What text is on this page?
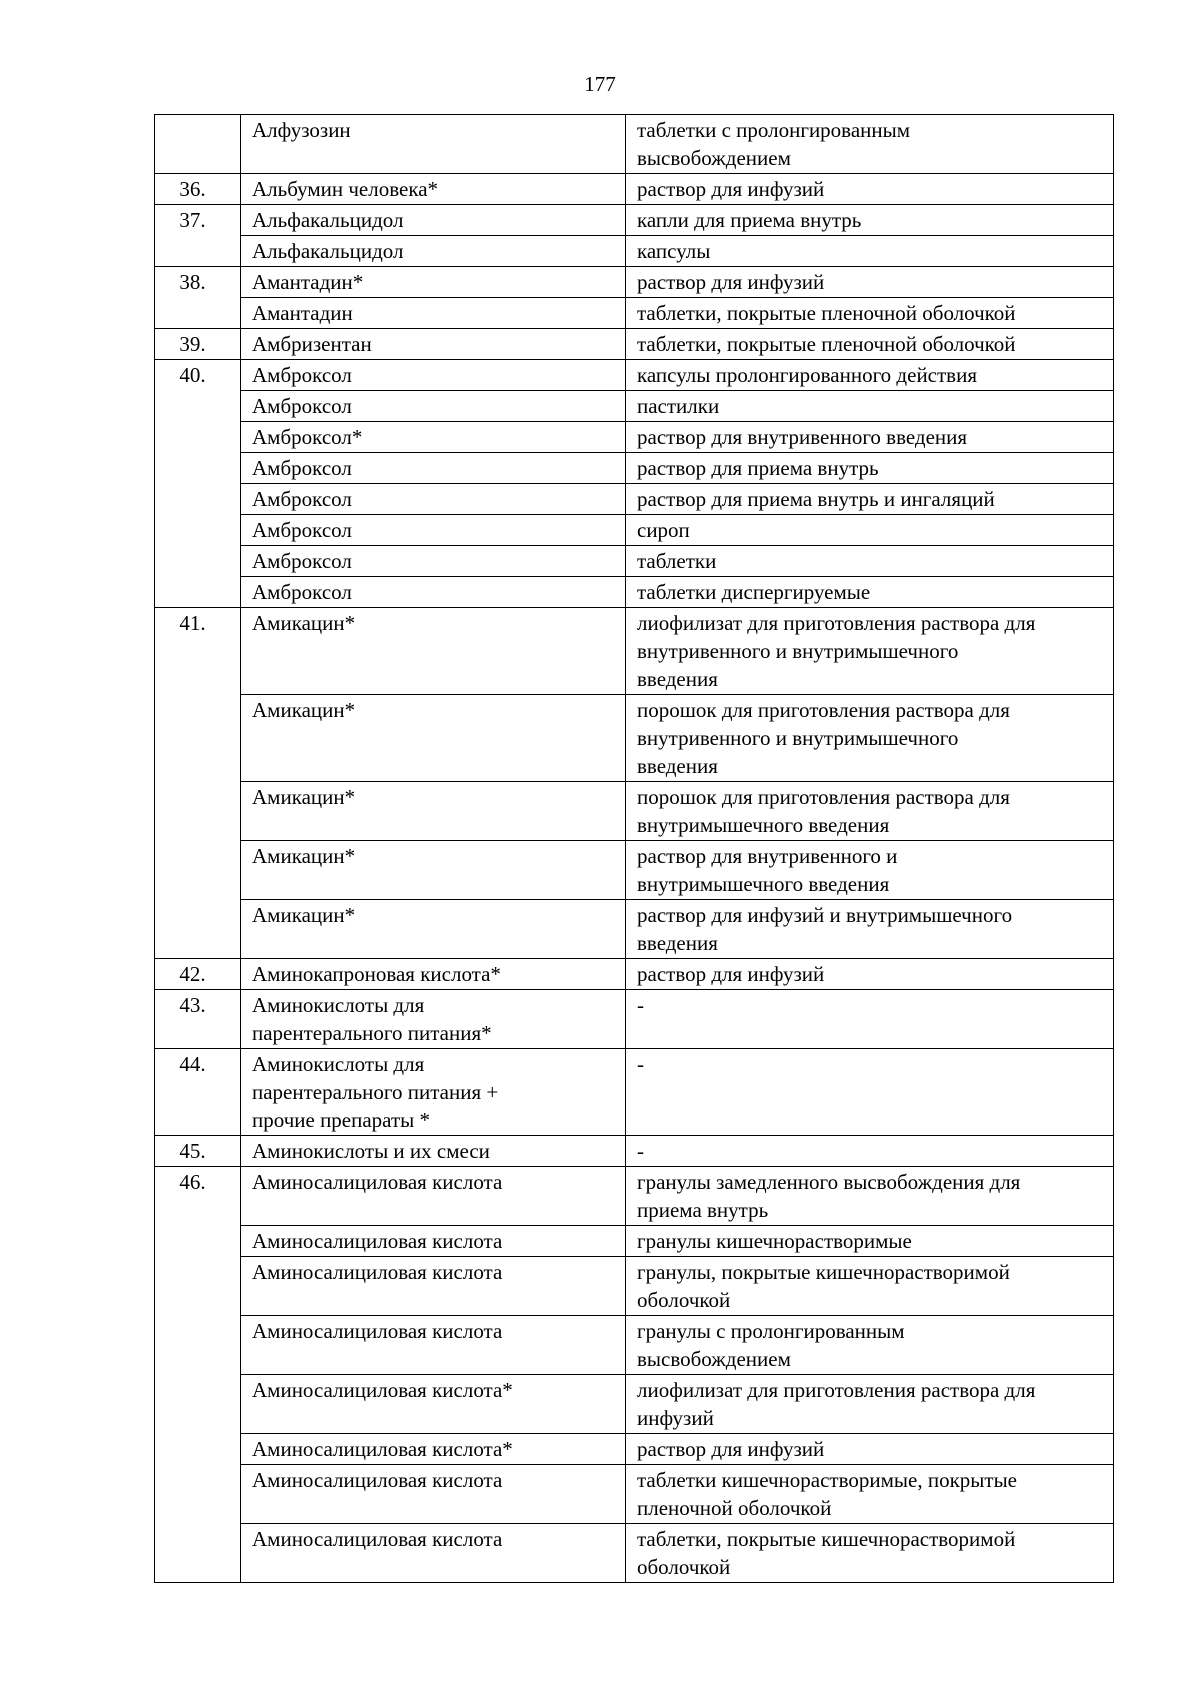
177
	Алфузозин	таблетки с пролонгированным
высвобождением
36.	Альбумин человека*	раствор для инфузий
37.	Альфакальцидол	капли для приема внутрь
	Альфакальцидол	капсулы
38.	Амантадин*	раствор для инфузий
	Амантадин	таблетки, покрытые пленочной оболочкой
39.	Амбризентан	таблетки, покрытые пленочной оболочкой
40.	Амброксол	капсулы пролонгированного действия
	Амброксол	пастилки
	Амброксол*	раствор для внутривенного введения
	Амброксол	раствор для приема внутрь
	Амброксол	раствор для приема внутрь и ингаляций
	Амброксол	сироп
	Амброксол	таблетки
	Амброксол	таблетки диспергируемые
41.	Амикацин*	лиофилизат для приготовления раствора для
внутривенного и внутримышечного
введения
	Амикацин*	порошок для приготовления раствора для
внутривенного и внутримышечного
введения
	Амикацин*	порошок для приготовления раствора для
внутримышечного введения
	Амикацин*	раствор для внутривенного и
внутримышечного введения
	Амикацин*	раствор для инфузий и внутримышечного
введения
42.	Аминокапроновая кислота*	раствор для инфузий
43.	Аминокислоты для
парентерального питания*	-
44.	Аминокислоты для
парентерального питания +
прочие препараты *	-
45.	Аминокислоты и их смеси	-
46.	Аминосалициловая кислота	гранулы замедленного высвобождения для
приема внутрь
	Аминосалициловая кислота	гранулы кишечнорастворимые
	Аминосалициловая кислота	гранулы, покрытые кишечнорастворимой
оболочкой
	Аминосалициловая кислота	гранулы с пролонгированным
высвобождением
	Аминосалициловая кислота*	лиофилизат для приготовления раствора для
инфузий
	Аминосалициловая кислота*	раствор для инфузий
	Аминосалициловая кислота	таблетки кишечнорастворимые, покрытые
пленочной оболочкой
	Аминосалициловая кислота	таблетки, покрытые кишечнорастворимой
оболочкой
